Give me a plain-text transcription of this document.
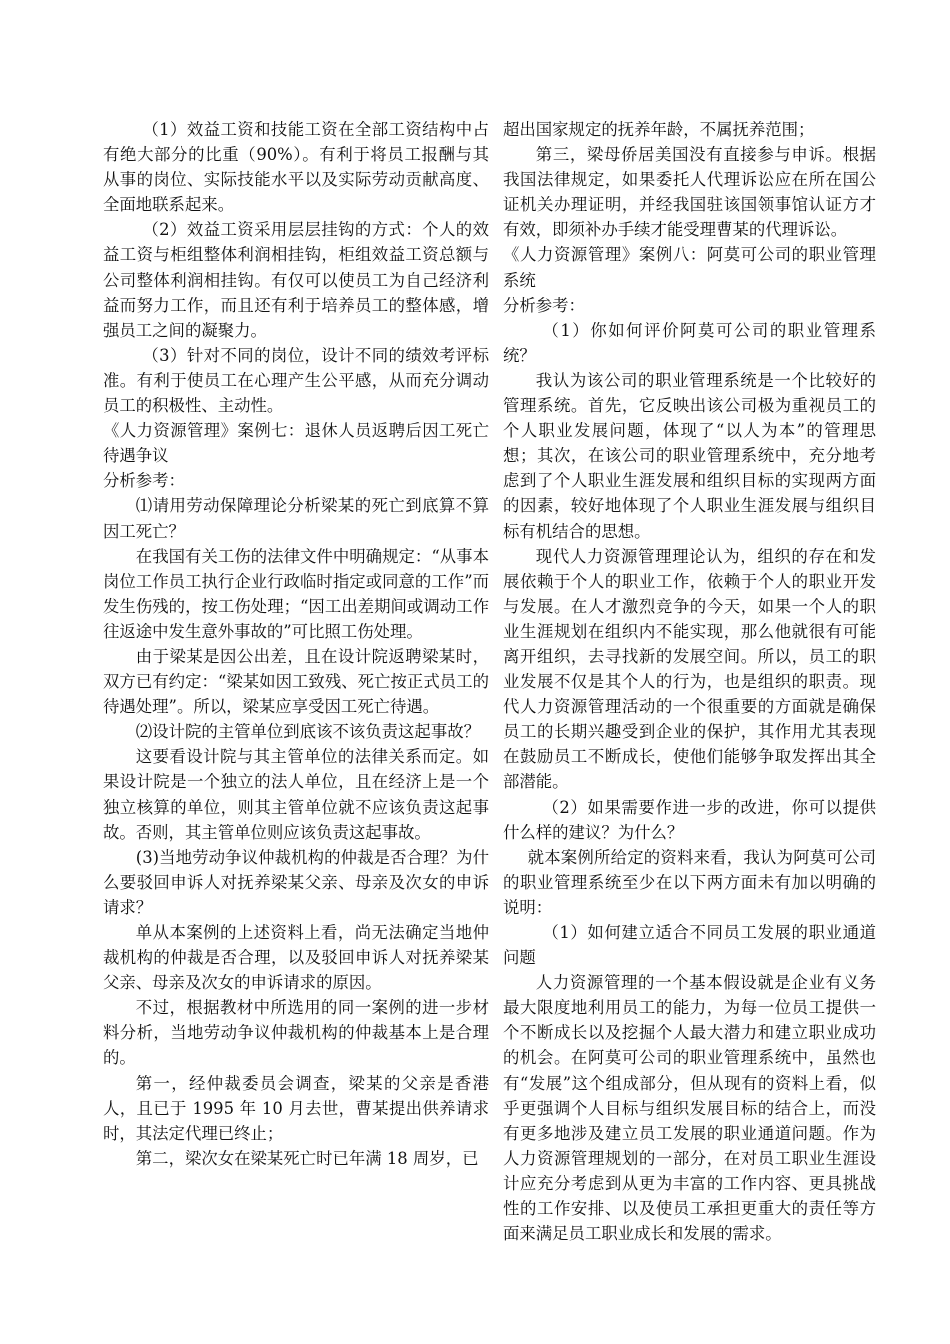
（1）效益工资和技能工资在全部工资结构中占有绝大部分的比重（90%）。有利于将员工报酬与其从事的岗位、实际技能水平以及实际劳动贡献高度、全面地联系起来。

（2）效益工资采用层层挂钩的方式：个人的效益工资与柜组整体利润相挂钩，柜组效益工资总额与公司整体利润相挂钩。有仅可以使员工为自己经济利益而努力工作，而且还有利于培养员工的整体感，增强员工之间的凝聚力。

（3）针对不同的岗位，设计不同的绩效考评标准。有利于使员工在心理产生公平感，从而充分调动员工的积极性、主动性。

《人力资源管理》案例七：退休人员返聘后因工死亡待遇争议

分析参考：

⑴请用劳动保障理论分析梁某的死亡到底算不算因工死亡？

在我国有关工伤的法律文件中明确规定：“从事本岗位工作员工执行企业行政临时指定或同意的工作”而发生伤残的，按工伤处理；“因工出差期间或调动工作往返途中发生意外事故的”可比照工伤处理。

由于梁某是因公出差，且在设计院返聘梁某时，双方已有约定：“梁某如因工致残、死亡按正式员工的待遇处理”。所以，梁某应享受因工死亡待遇。

⑵设计院的主管单位到底该不该负责这起事故？

这要看设计院与其主管单位的法律关系而定。如果设计院是一个独立的法人单位，且在经济上是一个独立核算的单位，则其主管单位就不应该负责这起事故。否则，其主管单位则应该负责这起事故。

(3)当地劳动争议仲裁机构的仲裁是否合理？为什么要驳回申诉人对抚养梁某父亲、母亲及次女的申诉请求？

单从本案例的上述资料上看，尚无法确定当地仲裁机构的仲裁是否合理，以及驳回申诉人对抚养梁某父亲、母亲及次女的申诉请求的原因。

不过，根据教材中所选用的同一案例的进一步材料分析，当地劳动争议仲裁机构的仲裁基本上是合理的。

第一，经仲裁委员会调查，梁某的父亲是香港人，且已于 1995 年 10 月去世，曹某提出供养请求时，其法定代理已终止；

第二，梁次女在梁某死亡时已年满 18 周岁，已

超出国家规定的抚养年龄，不属抚养范围；

第三，梁母侨居美国没有直接参与申诉。根据我国法律规定，如果委托人代理诉讼应在所在国公证机关办理证明，并经我国驻该国领事馆认证方才有效，即须补办手续才能受理曹某的代理诉讼。

《人力资源管理》案例八：阿莫可公司的职业管理系统

分析参考：

（1）你如何评价阿莫可公司的职业管理系统？

我认为该公司的职业管理系统是一个比较好的管理系统。首先，它反映出该公司极为重视员工的个人职业发展问题，体现了“以人为本”的管理思想；其次，在该公司的职业管理系统中，充分地考虑到了个人职业生涯发展和组织目标的实现两方面的因素，较好地体现了个人职业生涯发展与组织目标有机结合的思想。

现代人力资源管理理论认为，组织的存在和发展依赖于个人的职业工作，依赖于个人的职业开发与发展。在人才激烈竞争的今天，如果一个人的职业生涯规划在组织内不能实现，那么他就很有可能离开组织，去寻找新的发展空间。所以，员工的职业发展不仅是其个人的行为，也是组织的职责。现代人力资源管理活动的一个很重要的方面就是确保员工的长期兴趣受到企业的保护，其作用尤其表现在鼓励员工不断成长，使他们能够争取发挥出其全部潜能。

（2）如果需要作进一步的改进，你可以提供什么样的建议？为什么？

就本案例所给定的资料来看，我认为阿莫可公司的职业管理系统至少在以下两方面未有加以明确的说明：

（1）如何建立适合不同员工发展的职业通道问题

人力资源管理的一个基本假设就是企业有义务最大限度地利用员工的能力，为每一位员工提供一个不断成长以及挖掘个人最大潜力和建立职业成功的机会。在阿莫可公司的职业管理系统中，虽然也有“发展”这个组成部分，但从现有的资料上看，似乎更强调个人目标与组织发展目标的结合上，而没有更多地涉及建立员工发展的职业通道问题。作为人力资源管理规划的一部分，在对员工职业生涯设计应充分考虑到从更为丰富的工作内容、更具挑战性的工作安排、以及使员工承担更重大的责任等方面来满足员工职业成长和发展的需求。
